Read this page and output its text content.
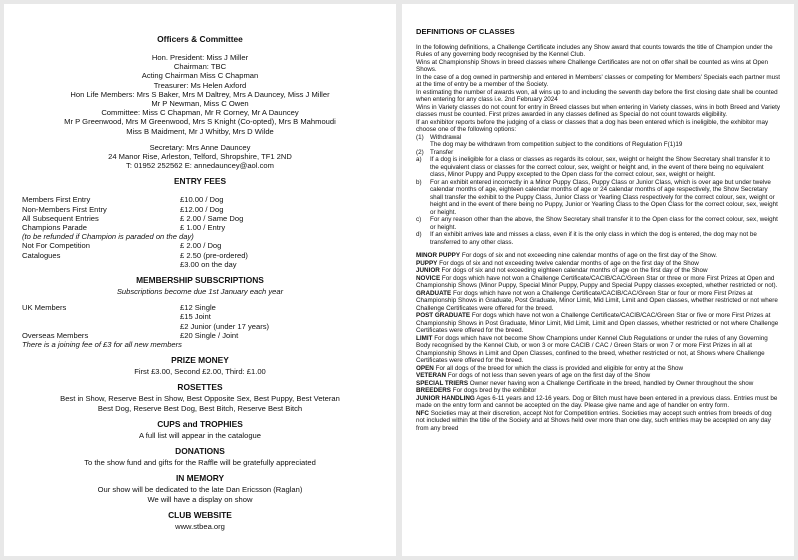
Officers & Committee
Hon. President: Miss J Miller
Chairman: TBC
Acting Chairman Miss C Chapman
Treasurer: Ms Helen Axford
Hon Life Members: Mrs S Baker, Mrs M Daltrey, Mrs A Dauncey, Miss J Miller
Mr P Newman, Miss C Owen
Committee: Miss C Chapman, Mr R Corney, Mr A Dauncey
Mr P Greenwood, Mrs M Greenwood, Mrs S Knight (Co-opted), Mrs B Mahmoudi
Miss B Maidment, Mr J Whitby, Mrs D Wilde
Secretary: Mrs Anne Dauncey
24 Manor Rise, Arleston, Telford, Shropshire, TF1 2ND
T: 01952 252562 E: annedauncey@aol.com
ENTRY FEES
Members First Entry	£10.00 / Dog
Non-Members First Entry	£12.00 / Dog
All Subsequent Entries	£ 2.00 / Same Dog
Champions Parade	£ 1.00 / Entry
(to be refunded if Champion is paraded on the day)
Not For Competition	£ 2.00 / Dog
Catalogues	£ 2.50 (pre-ordered)
£3.00 on the day
MEMBERSHIP SUBSCRIPTIONS
Subscriptions become due 1st January each year
UK Members	£12 Single
£15 Joint
£2 Junior (under 17 years)
Overseas Members	£20 Single / Joint
There is a joining fee of £3 for all new members
PRIZE MONEY
First £3.00, Second £2.00, Third: £1.00
ROSETTES
Best in Show, Reserve Best in Show, Best Opposite Sex, Best Puppy, Best Veteran
Best Dog, Reserve Best Dog, Best Bitch, Reserve Best Bitch
CUPS and TROPHIES
A full list will appear in the catalogue
DONATIONS
To the show fund and gifts for the Raffle will be gratefully appreciated
IN MEMORY
Our show will be dedicated to the late Dan Ericsson (Raglan)
We will have a display on show
CLUB WEBSITE
www.stbea.org
DEFINITIONS OF CLASSES

In the following definitions, a Challenge Certificate includes any Show award that counts towards the title of Champion under the Rules of any governing body recognised by the Kennel Club.

Wins at Championship Shows in breed classes where Challenge Certificates are not on offer shall be counted as wins at Open Shows.

In the case of a dog owned in partnership and entered in Members' classes or competing for Members' Specials each partner must at the time of entry be a member of the Society.

In estimating the number of awards won, all wins up to and including the seventh day before the first closing date shall be counted when entering for any class i.e. 2nd February 2024

Wins in Variety classes do not count for entry in Breed classes but when entering in Variety classes, wins in both Breed and Variety classes must be counted. First prizes awarded in any classes defined as Special do not count towards eligibility.

If an exhibitor reports before the judging of a class or classes that a dog has been entered which is ineligible, the exhibitor may choose one of the following options:

(1) Withdrawal
The dog may be withdrawn from competition subject to the conditions of Regulation F(1)19
(2) Transfer
a)	If a dog is ineligible for a class or classes as regards its colour, sex, weight or height the Show Secretary shall transfer it to the equivalent class or classes for the correct colour, sex, weight or height and, in the event of there being no equivalent class, Minor Puppy and Puppy excepted to the Open class for the correct colour, sex, weight or height.
b)	For an exhibit entered incorrectly in a Minor Puppy Class, Puppy Class or Junior Class, which is over age but under twelve calendar months of age, eighteen calendar months of age or 24 calendar months of age respectively, the Show Secretary shall transfer the exhibit to the Puppy Class, Junior Class or Yearling Class respectively for the correct colour, sex, weight or height and in the event of there being no Puppy, Junior or Yearling Class to the Open Class for the correct colour, sex, weight or height.
c)	For any reason other than the above, the Show Secretary shall transfer it to the Open class for the correct colour, sex, weight or height.
d)	If an exhibit arrives late and misses a class, even if it is the only class in which the dog is entered, the dog may not be transferred to any other class.

MINOR PUPPY For dogs of six and not exceeding nine calendar months of age on the first day of the Show.

PUPPY For dogs of six and not exceeding twelve calendar months of age on the first day of the Show

JUNIOR For dogs of six and not exceeding eighteen calendar months of age on the first day of the Show

NOVICE For dogs which have not won a Challenge Certificate/CACIB/CAC/Green Star or three or more First Prizes at Open and Championship Shows (Minor Puppy, Special Minor Puppy, Puppy and Special Puppy classes excepted, whether restricted or not).

GRADUATE For dogs which have not won a Challenge Certificate/CACIB/CAC/Green Star or four or more First Prizes at Championship Shows in Graduate, Post Graduate, Minor Limit, Mid Limit, Limit and Open classes, whether restricted or not where Challenge Certificates were offered for the breed.

POST GRADUATE For dogs which have not won a Challenge Certificate/CACIB/CAC/Green Star or five or more First Prizes at Championship Shows in Post Graduate, Minor Limit, Mid Limit, Limit and Open classes, whether restricted or not where Challenge Certificates were offered for the breed.

LIMIT For dogs which have not become Show Champions under Kennel Club Regulations or under the rules of any Governing Body recognised by the Kennel Club, or won 3 or more CACIB / CAC / Green Stars or won 7 or more First Prizes in all at Championship Shows in Limit and Open Classes, confined to the breed, whether restricted or not, at Shows where Challenge Certificates were offered for the breed.

OPEN For all dogs of the breed for which the class is provided and eligible for entry at the Show

VETERAN For dogs of not less than seven years of age on the first day of the Show

SPECIAL TRIERS Owner never having won a Challenge Certificate in the breed, handled by Owner throughout the show

BREEDERS For dogs bred by the exhibitor

JUNIOR HANDLING Ages 6-11 years and 12-16 years. Dog or Bitch must have been entered in a previous class. Entries must be made on the entry form and cannot be accepted on the day. Please give name and age of handler on entry form.

NFC Societies may at their discretion, accept Not for Competition entries. Societies may accept such entries from breeds of dog not included within the title of the Society and at Shows held over more than one day, such entries may be accepted on any day from any breed
